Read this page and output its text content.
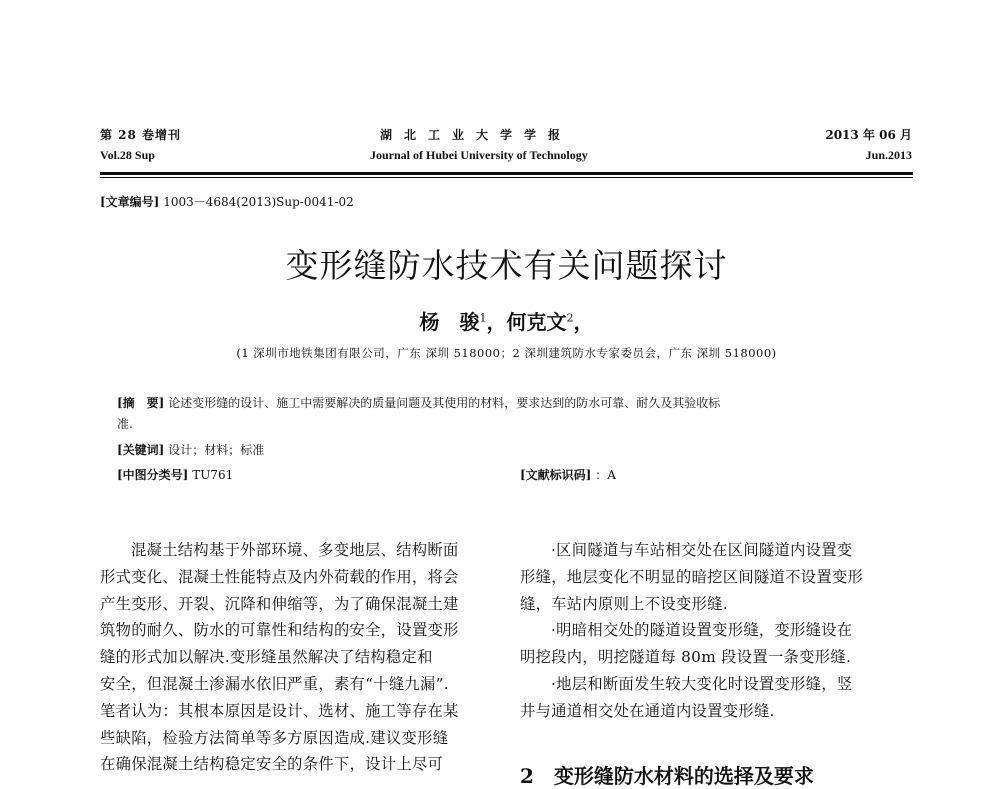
第 28 卷增刊
Vol.28 Sup
湖北工业大学学报
Journal of Hubei University of Technology
2013 年 06 月
Jun.2013
[文章编号] 1003－4684(2013)Sup-0041-02
变形缝防水技术有关问题探讨
杨　骏$^1$，何克文$^2$，
(1 深圳市地铁集团有限公司，广东 深圳 518000；2 深圳建筑防水专家委员会，广东 深圳 518000)
[摘　要] 论述变形缝的设计、施工中需要解决的质量问题及其使用的材料，要求达到的防水可靠、耐久及其验收标
准.
[关键词] 设计；材料；标准
[中图分类号] TU761	[文献标识码] ：A

混凝土结构基于外部环境、多变地层、结构断面

形式变化、混凝土性能特点及内外荷载的作用，将会

产生变形、开裂、沉降和伸缩等，为了确保混凝土建

筑物的耐久、防水的可靠性和结构的安全，设置变形

缝的形式加以解决.变形缝虽然解决了结构稳定和

安全，但混凝土渗漏水依旧严重，素有“十缝九漏”.

笔者认为：其根本原因是设计、选材、施工等存在某

些缺陷，检验方法简单等多方原因造成.建议变形缝

在确保混凝土结构稳定安全的条件下，设计上尽可

·区间隧道与车站相交处在区间隧道内设置变

形缝，地层变化不明显的暗挖区间隧道不设置变形

缝，车站内原则上不设变形缝.

·明暗相交处的隧道设置变形缝，变形缝设在

明挖段内，明挖隧道每 80m 段设置一条变形缝.

·地层和断面发生较大变化时设置变形缝，竖

井与通道相交处在通道内设置变形缝.

2　变形缝防水材料的选择及要求
